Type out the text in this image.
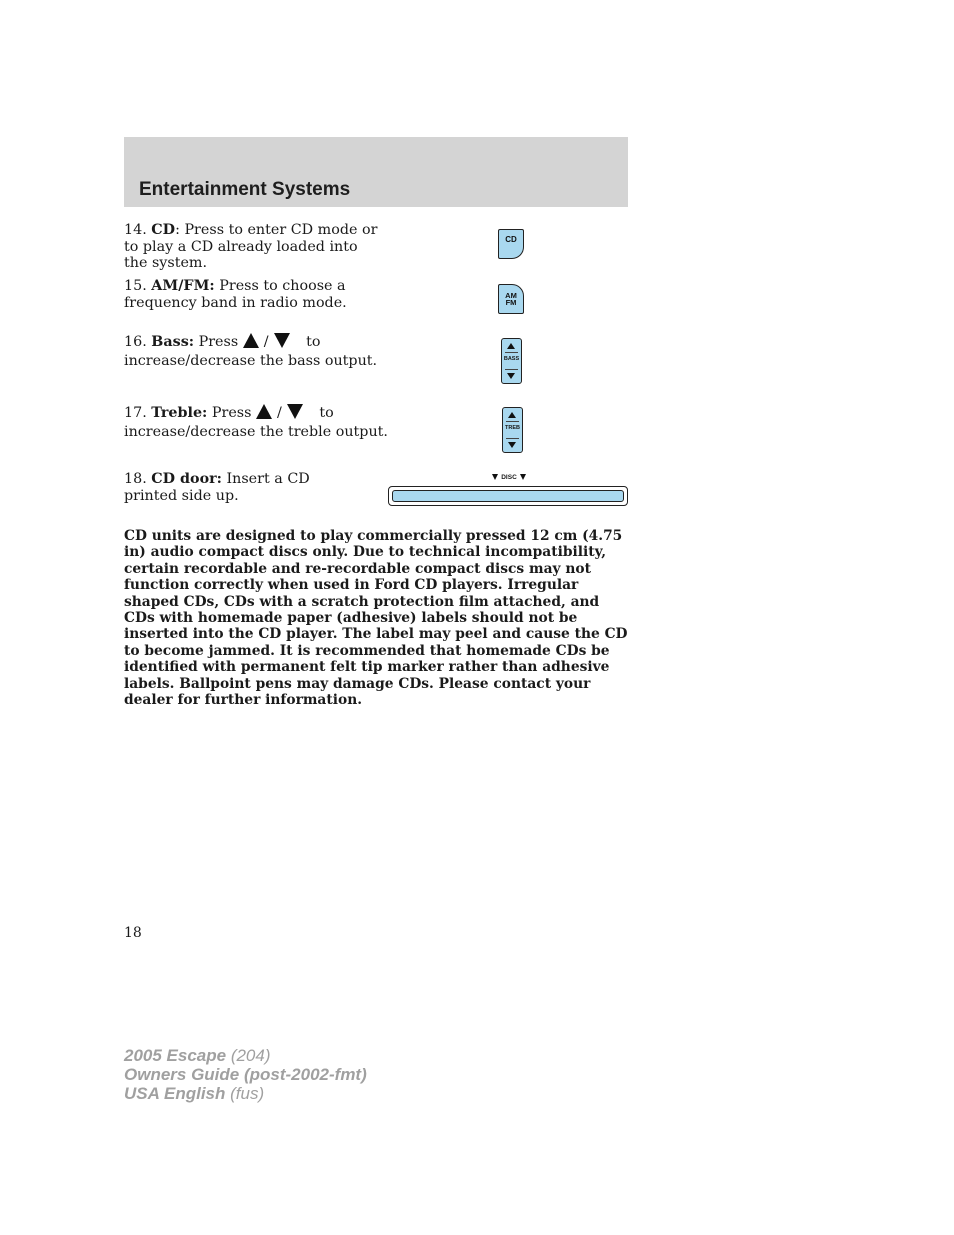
Entertainment Systems
14. CD: Press to enter CD mode or to play a CD already loaded into the system.
15. AM/FM: Press to choose a frequency band in radio mode.
16. Bass: Press /	to
increase/decrease the bass output.
17. Treble: Press /	to
increase/decrease the treble output.
18. CD door: Insert a CD printed side up.
CD
AM
FM
BASS
TREB
DISC
CD units are designed to play commercially pressed 12 cm (4.75 in) audio compact discs only. Due to technical incompatibility, certain recordable and re-recordable compact discs may not function correctly when used in Ford CD players. Irregular shaped CDs, CDs with a scratch protection film attached, and CDs with homemade paper (adhesive) labels should not be inserted into the CD player. The label may peel and cause the CD to become jammed. It is recommended that homemade CDs be identified with permanent felt tip marker rather than adhesive labels. Ballpoint pens may damage CDs. Please contact your dealer for further information.
18
2005 Escape (204)
Owners Guide (post-2002-fmt)
USA English (fus)
